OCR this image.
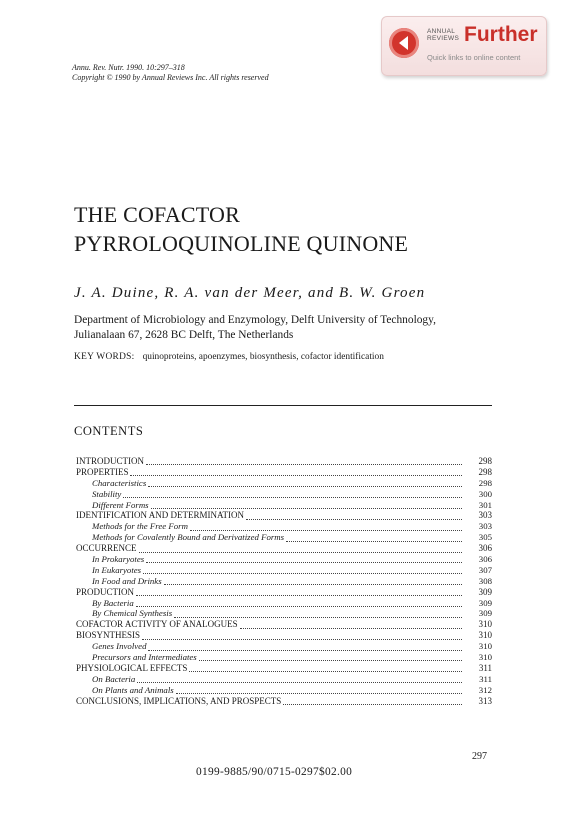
ANNUAL
REVIEWS Further
Quick links to online content
Annu. Rev. Nutr. 1990. 10:297–318
Copyright © 1990 by Annual Reviews Inc. All rights reserved
THE COFACTOR
PYRROLOQUINOLINE QUINONE
J. A. Duine, R. A. van der Meer, and B. W. Groen
Department of Microbiology and Enzymology, Delft University of Technology,
Julianalaan 67, 2628 BC Delft, The Netherlands
KEY WORDS: quinoproteins, apoenzymes, biosynthesis, cofactor identification
CONTENTS
INTRODUCTION	298
PROPERTIES	298
Characteristics	298
Stability	300
Different Forms	301
IDENTIFICATION AND DETERMINATION	303
Methods for the Free Form	303
Methods for Covalently Bound and Derivatized Forms	305
OCCURRENCE	306
In Prokaryotes	306
In Eukaryotes	307
In Food and Drinks	308
PRODUCTION	309
By Bacteria	309
By Chemical Synthesis	309
COFACTOR ACTIVITY OF ANALOGUES	310
BIOSYNTHESIS	310
Genes Involved	310
Precursors and Intermediates	310
PHYSIOLOGICAL EFFECTS	311
On Bacteria	311
On Plants and Animals	312
CONCLUSIONS, IMPLICATIONS, AND PROSPECTS	313
297
0199-9885/90/0715-0297$02.00
